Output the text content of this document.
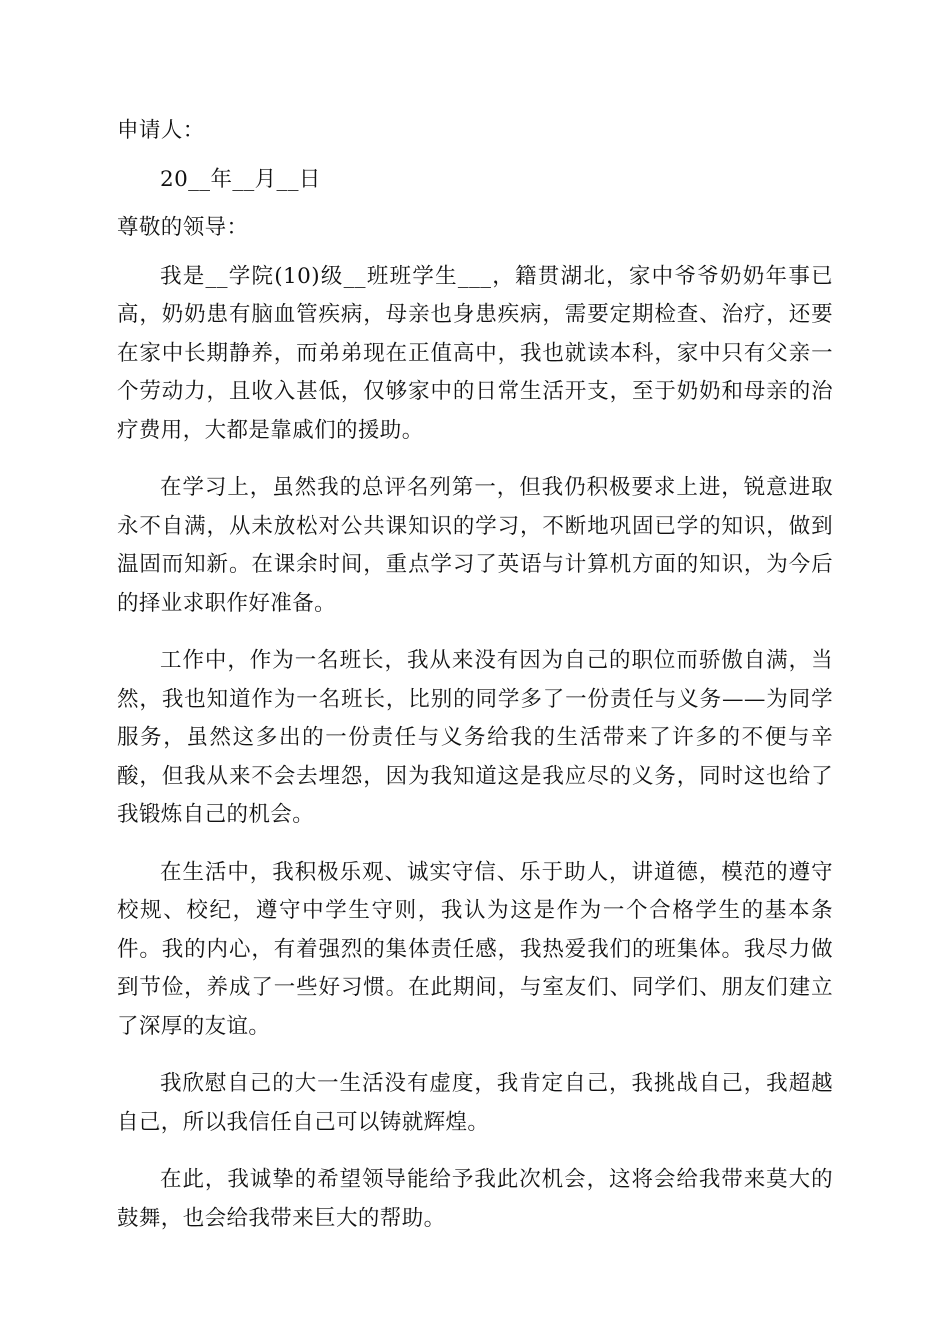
申请人：
20__年__月__日
尊敬的领导：

我是__学院(10)级__班班学生___，籍贯湖北，家中爷爷奶奶年事已高，奶奶患有脑血管疾病，母亲也身患疾病，需要定期检查、治疗，还要在家中长期静养，而弟弟现在正值高中，我也就读本科，家中只有父亲一个劳动力，且收入甚低，仅够家中的日常生活开支，至于奶奶和母亲的治疗费用，大都是靠戚们的援助。

在学习上，虽然我的总评名列第一，但我仍积极要求上进，锐意进取永不自满，从未放松对公共课知识的学习，不断地巩固已学的知识，做到温固而知新。在课余时间，重点学习了英语与计算机方面的知识，为今后的择业求职作好准备。

工作中，作为一名班长，我从来没有因为自己的职位而骄傲自满，当然，我也知道作为一名班长，比别的同学多了一份责任与义务——为同学服务，虽然这多出的一份责任与义务给我的生活带来了许多的不便与辛酸，但我从来不会去埋怨，因为我知道这是我应尽的义务，同时这也给了我锻炼自己的机会。

在生活中，我积极乐观、诚实守信、乐于助人，讲道德，模范的遵守校规、校纪，遵守中学生守则，我认为这是作为一个合格学生的基本条件。我的内心，有着强烈的集体责任感，我热爱我们的班集体。我尽力做到节俭，养成了一些好习惯。在此期间，与室友们、同学们、朋友们建立了深厚的友谊。

我欣慰自己的大一生活没有虚度，我肯定自己，我挑战自己，我超越自己，所以我信任自己可以铸就辉煌。

在此，我诚挚的希望领导能给予我此次机会，这将会给我带来莫大的鼓舞，也会给我带来巨大的帮助。
